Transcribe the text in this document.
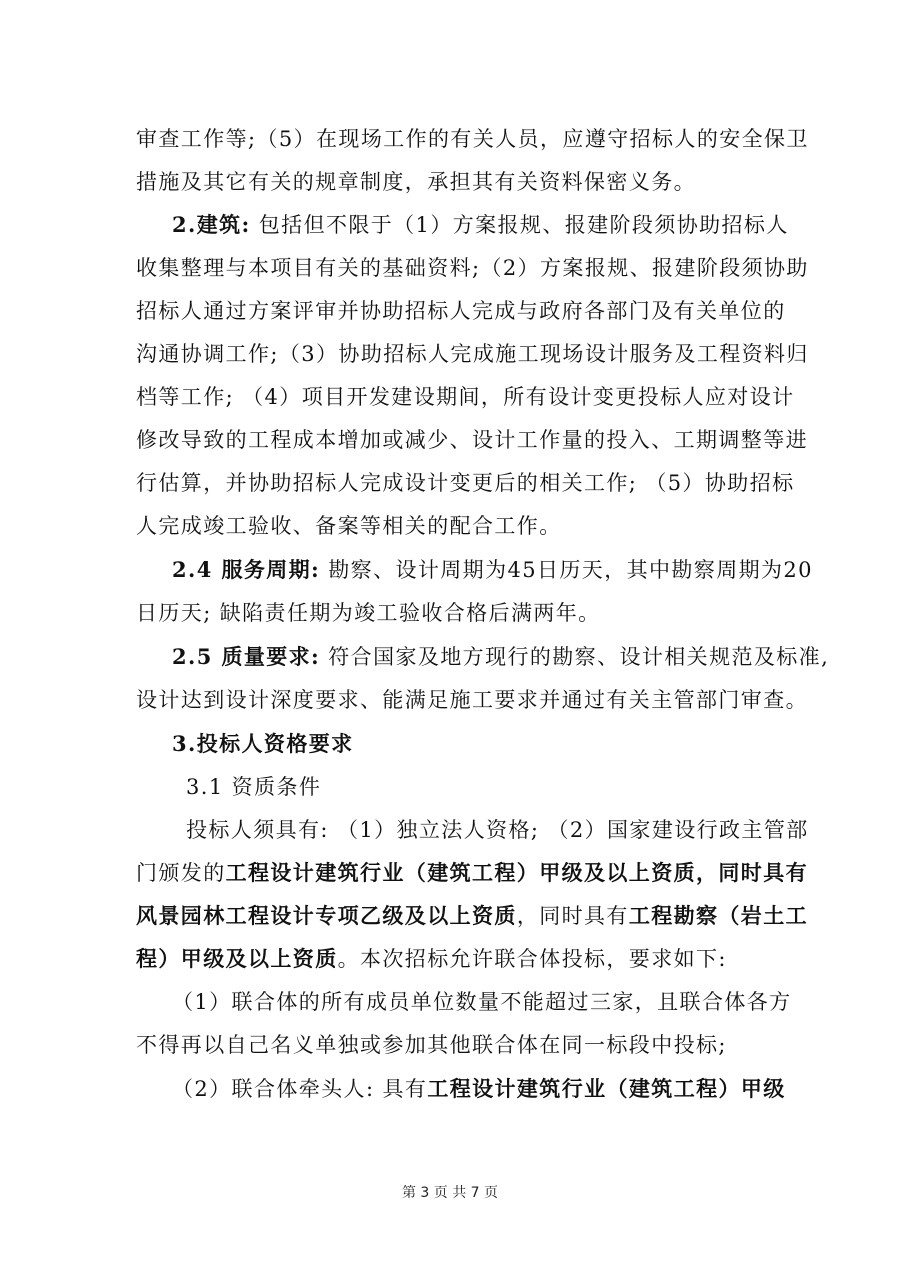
审查工作等;（5）在现场工作的有关人员，应遵守招标人的安全保卫
措施及其它有关的规章制度，承担其有关资料保密义务。
2.建筑: 包括但不限于（1）方案报规、报建阶段须协助招标人
收集整理与本项目有关的基础资料;（2）方案报规、报建阶段须协助
招标人通过方案评审并协助招标人完成与政府各部门及有关单位的
沟通协调工作;（3）协助招标人完成施工现场设计服务及工程资料归
档等工作; （4）项目开发建设期间，所有设计变更投标人应对设计
修改导致的工程成本增加或减少、设计工作量的投入、工期调整等进
行估算，并协助招标人完成设计变更后的相关工作; （5）协助招标
人完成竣工验收、备案等相关的配合工作。
2.4 服务周期: 勘察、设计周期为45日历天，其中勘察周期为20
日历天; 缺陷责任期为竣工验收合格后满两年。
2.5 质量要求: 符合国家及地方现行的勘察、设计相关规范及标准,
设计达到设计深度要求、能满足施工要求并通过有关主管部门审查。
3.投标人资格要求
3.1 资质条件
投标人须具有: （1）独立法人资格; （2）国家建设行政主管部
门颁发的工程设计建筑行业（建筑工程）甲级及以上资质，同时具有
风景园林工程设计专项乙级及以上资质，同时具有工程勘察（岩土工
程）甲级及以上资质。本次招标允许联合体投标，要求如下:
（1）联合体的所有成员单位数量不能超过三家，且联合体各方
不得再以自己名义单独或参加其他联合体在同一标段中投标;
（2）联合体牵头人: 具有工程设计建筑行业（建筑工程）甲级
第 3 页 共 7 页
